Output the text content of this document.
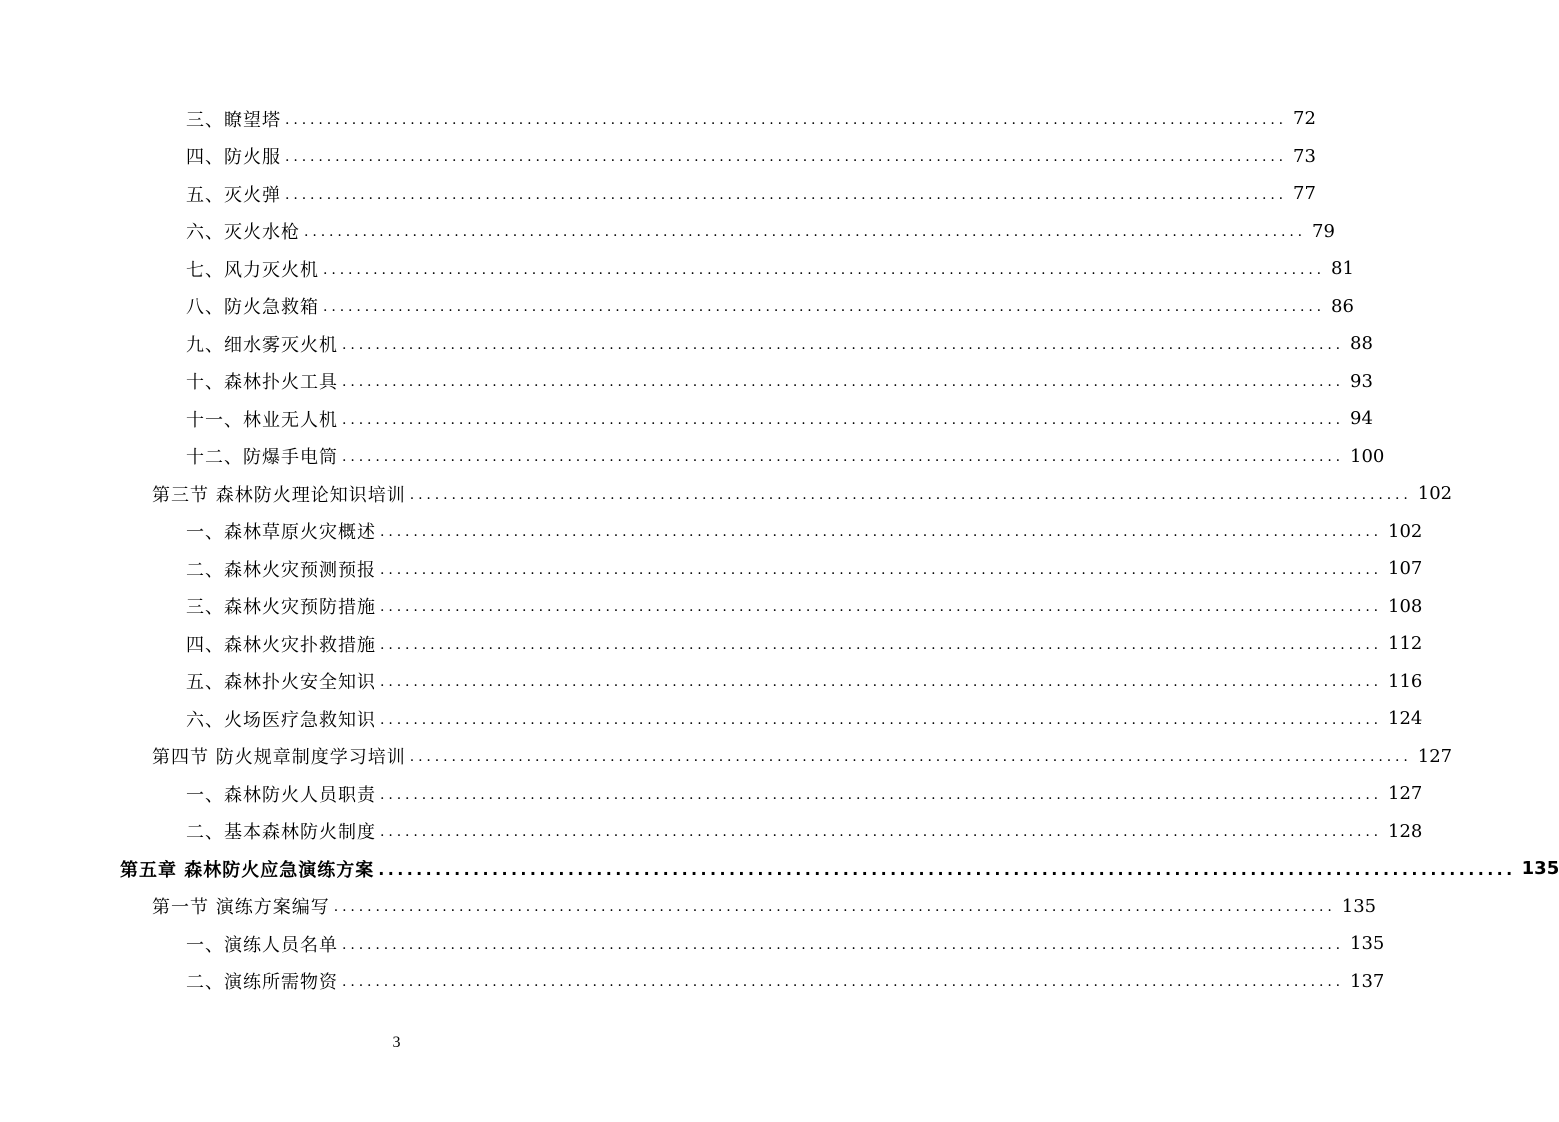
三、瞭望塔 ........................................................................................................................ 72
四、防火服 ........................................................................................................................ 73
五、灭火弹 ........................................................................................................................ 77
六、灭火水枪 ........................................................................................................................ 79
七、风力灭火机 ........................................................................................................................ 81
八、防火急救箱 ........................................................................................................................ 86
九、细水雾灭火机 ........................................................................................................................ 88
十、森林扑火工具 ........................................................................................................................ 93
十一、林业无人机 ........................................................................................................................ 94
十二、防爆手电筒 ........................................................................................................................ 100
第三节 森林防火理论知识培训 ........................................................................................................................ 102
一、森林草原火灾概述 ........................................................................................................................ 102
二、森林火灾预测预报 ........................................................................................................................ 107
三、森林火灾预防措施 ........................................................................................................................ 108
四、森林火灾扑救措施 ........................................................................................................................ 112
五、森林扑火安全知识 ........................................................................................................................ 116
六、火场医疗急救知识 ........................................................................................................................ 124
第四节 防火规章制度学习培训 ........................................................................................................................ 127
一、森林防火人员职责 ........................................................................................................................ 127
二、基本森林防火制度 ........................................................................................................................ 128
第五章 森林防火应急演练方案 ........................................................................................................................ 135
第一节 演练方案编写 ........................................................................................................................ 135
一、演练人员名单 ........................................................................................................................ 135
二、演练所需物资 ........................................................................................................................ 137
3
